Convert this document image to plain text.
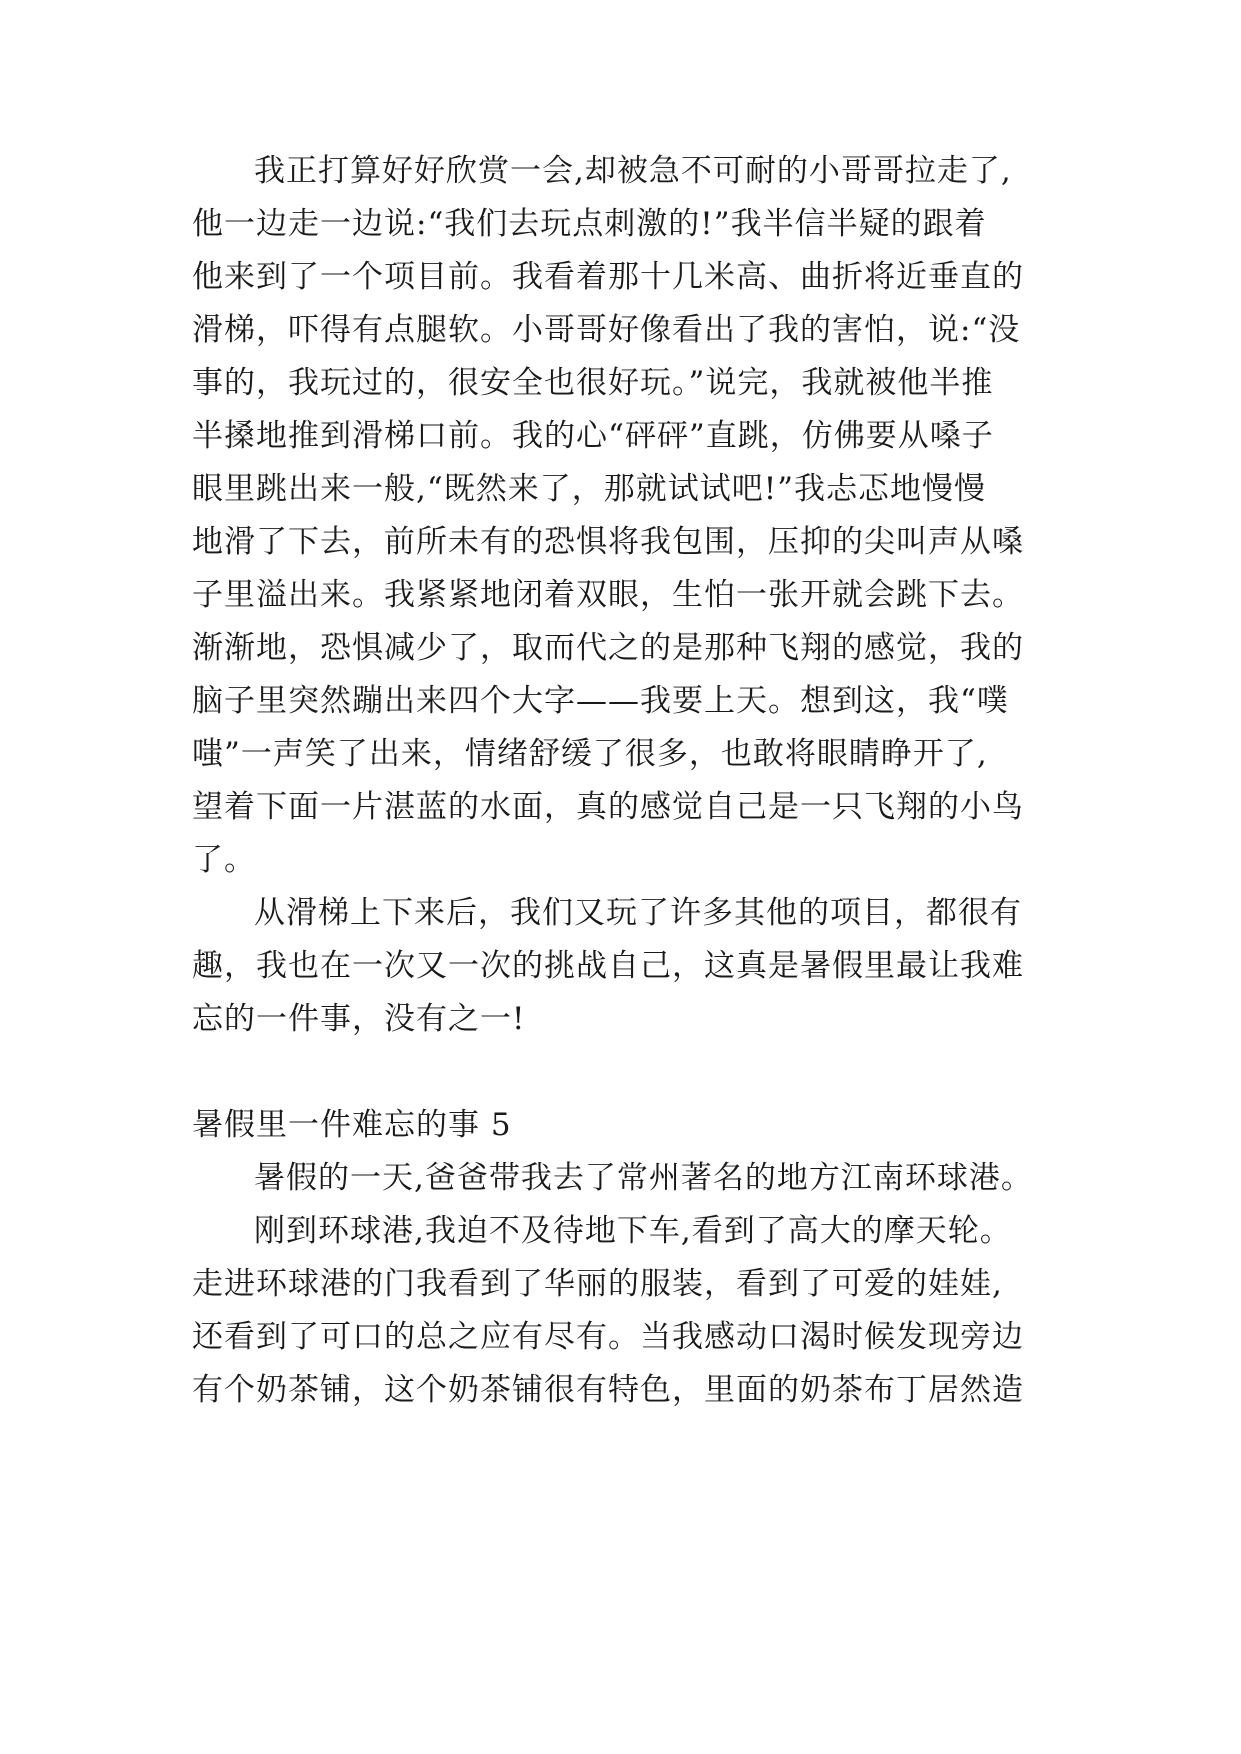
我正打算好好欣赏一会,却被急不可耐的小哥哥拉走了,
他一边走一边说:“我们去玩点刺激的!”我半信半疑的跟着
他来到了一个项目前。我看着那十几米高、曲折将近垂直的
滑梯，吓得有点腿软。小哥哥好像看出了我的害怕，说:“没
事的，我玩过的，很安全也很好玩。”说完，我就被他半推
半搡地推到滑梯口前。我的心“砰砰”直跳，仿佛要从嗓子
眼里跳出来一般,“既然来了，那就试试吧!”我忐忑地慢慢
地滑了下去，前所未有的恐惧将我包围，压抑的尖叫声从嗓
子里溢出来。我紧紧地闭着双眼，生怕一张开就会跳下去。
渐渐地，恐惧减少了，取而代之的是那种飞翔的感觉，我的
脑子里突然蹦出来四个大字——我要上天。想到这，我“噗
嗤”一声笑了出来，情绪舒缓了很多，也敢将眼睛睁开了,
望着下面一片湛蓝的水面，真的感觉自己是一只飞翔的小鸟
了。
从滑梯上下来后，我们又玩了许多其他的项目，都很有
趣，我也在一次又一次的挑战自己，这真是暑假里最让我难
忘的一件事，没有之一!
暑假里一件难忘的事 5
暑假的一天,爸爸带我去了常州著名的地方江南环球港。
刚到环球港,我迫不及待地下车,看到了高大的摩天轮。
走进环球港的门我看到了华丽的服装，看到了可爱的娃娃,
还看到了可口的总之应有尽有。当我感动口渴时候发现旁边
有个奶茶铺，这个奶茶铺很有特色，里面的奶茶布丁居然造
